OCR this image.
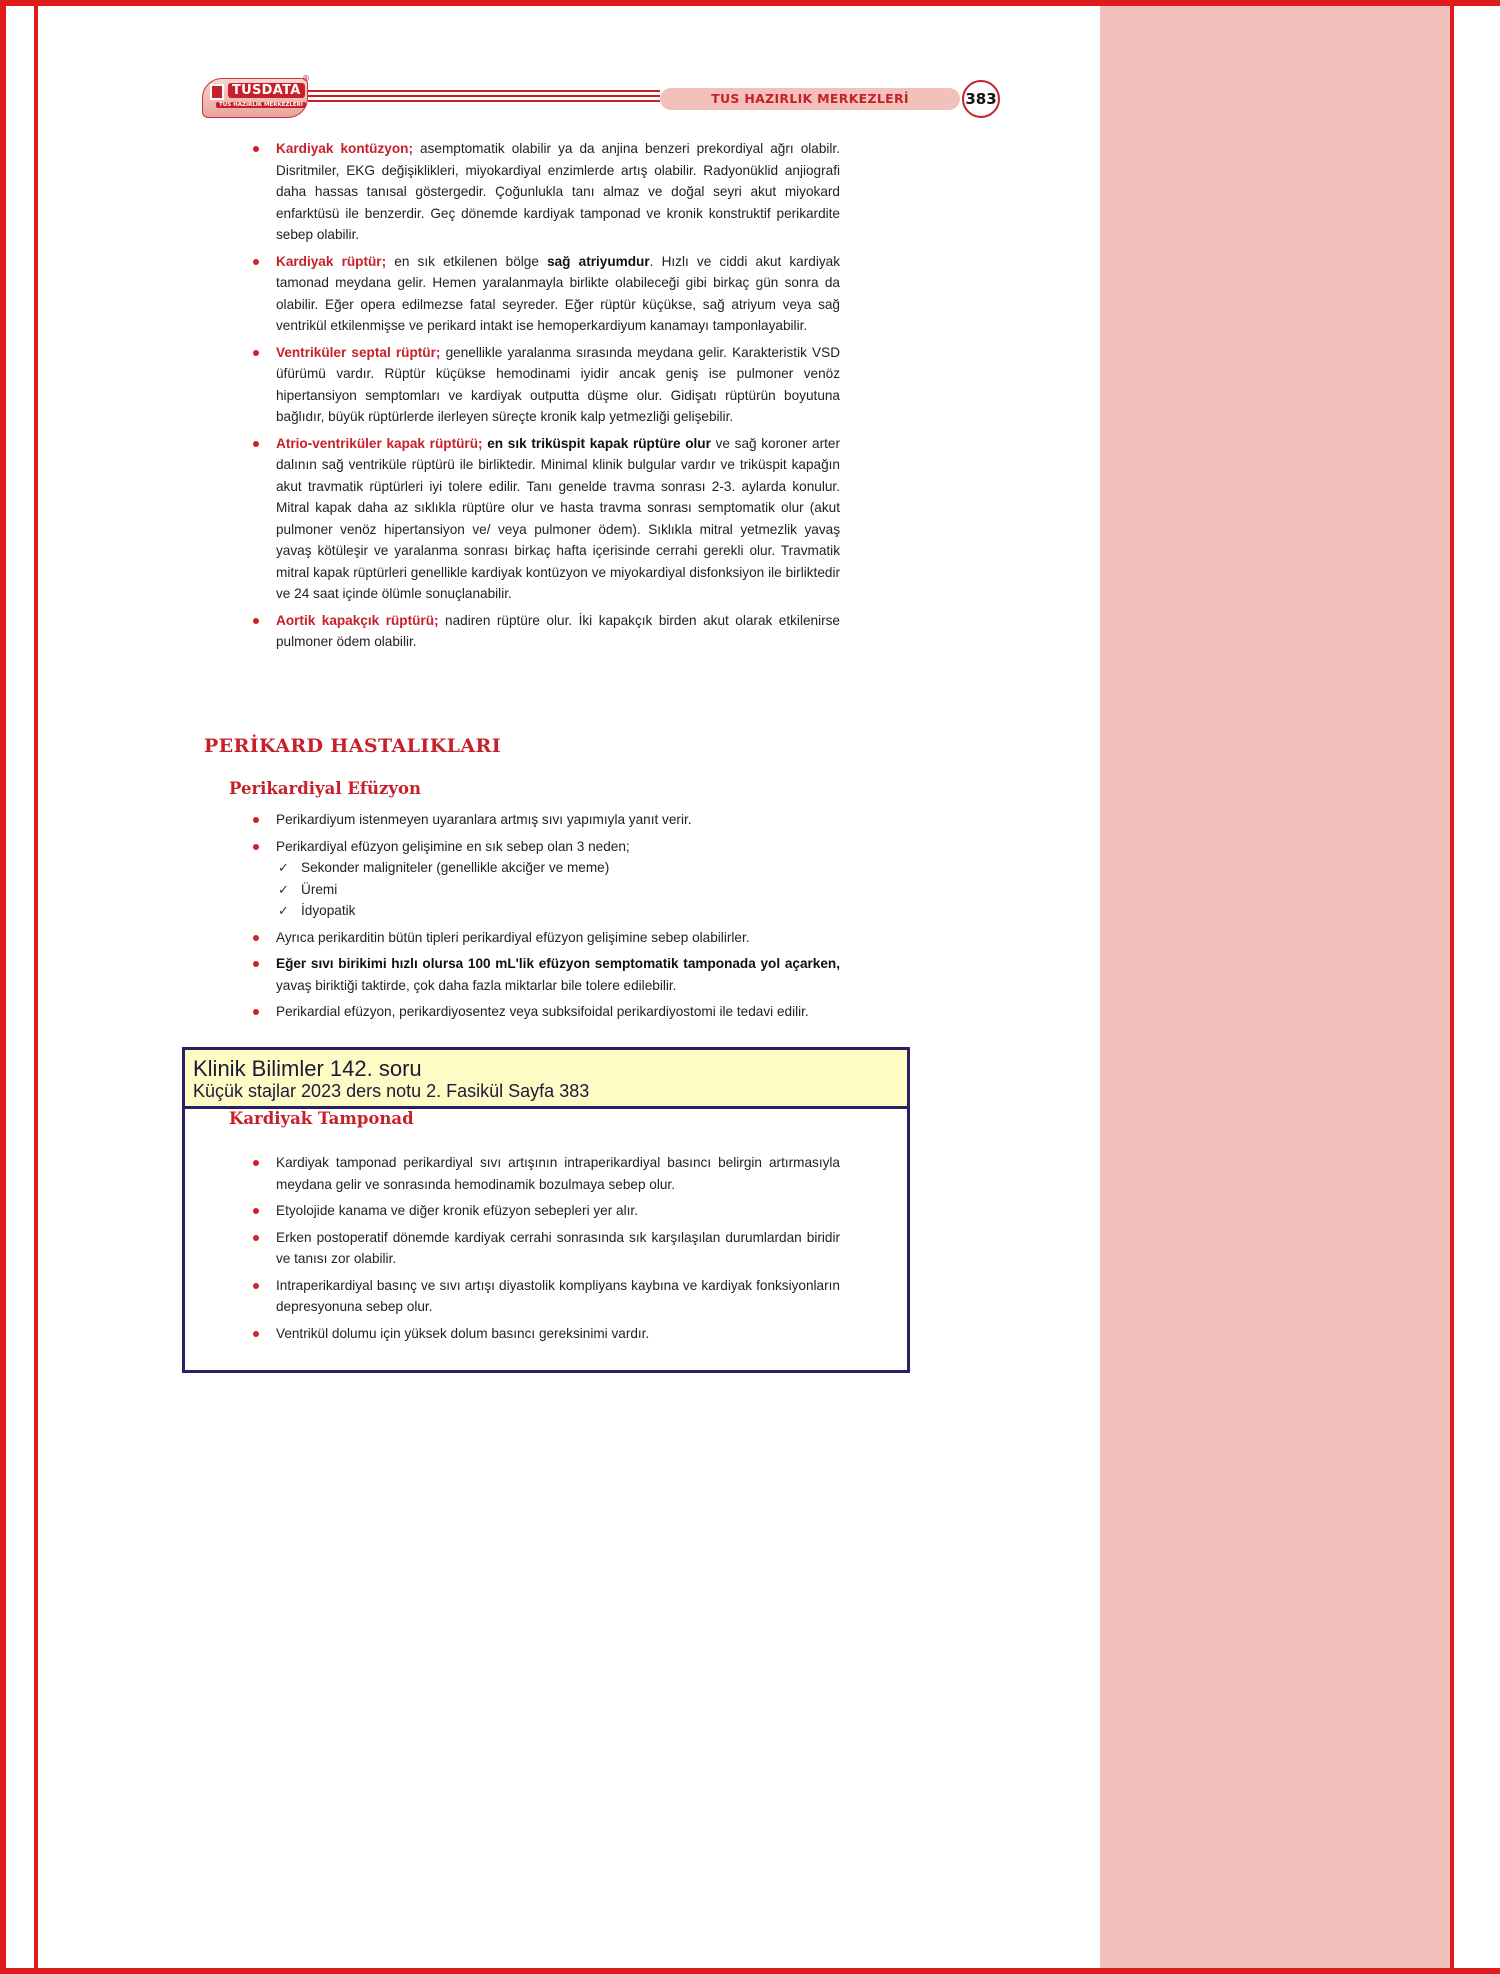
TUSDATA
TUS HAZIRLIK MERKEZLERİ
®
TUS HAZIRLIK MERKEZLERİ	383
Kardiyak kontüzyon; asemptomatik olabilir ya da anjina benzeri prekordiyal ağrı olabilr. Disritmiler, EKG değişiklikleri, miyokardiyal enzimlerde artış olabilir. Radyonüklid anjiografi daha hassas tanısal göstergedir. Çoğunlukla tanı almaz ve doğal seyri akut miyokard enfarktüsü ile benzerdir. Geç dönemde kardiyak tamponad ve kronik konstruktif perikardite sebep olabilir.
Kardiyak rüptür; en sık etkilenen bölge sağ atriyumdur. Hızlı ve ciddi akut kardiyak tamonad meydana gelir. Hemen yaralanmayla birlikte olabileceği gibi birkaç gün sonra da olabilir. Eğer opera edilmezse fatal seyreder. Eğer rüptür küçükse, sağ atriyum veya sağ ventrikül etkilenmişse ve perikard intakt ise hemoperkardiyum kanamayı tamponlayabilir.
Ventriküler septal rüptür; genellikle yaralanma sırasında meydana gelir. Karakteristik VSD üfürümü vardır. Rüptür küçükse hemodinami iyidir ancak geniş ise pulmoner venöz hipertansiyon semptomları ve kardiyak outputta düşme olur. Gidişatı rüptürün boyutuna bağlıdır, büyük rüptürlerde ilerleyen süreçte kronik kalp yetmezliği gelişebilir.
Atrio-ventriküler kapak rüptürü; en sık triküspit kapak rüptüre olur ve sağ koroner arter dalının sağ ventriküle rüptürü ile birliktedir. Minimal klinik bulgular vardır ve triküspit kapağın akut travmatik rüptürleri iyi tolere edilir. Tanı genelde travma sonrası 2-3. aylarda konulur. Mitral kapak daha az sıklıkla rüptüre olur ve hasta travma sonrası semptomatik olur (akut pulmoner venöz hipertansiyon ve/ veya pulmoner ödem). Sıklıkla mitral yetmezlik yavaş yavaş kötüleşir ve yaralanma sonrası birkaç hafta içerisinde cerrahi gerekli olur. Travmatik mitral kapak rüptürleri genellikle kardiyak kontüzyon ve miyokardiyal disfonksiyon ile birliktedir ve 24 saat içinde ölümle sonuçlanabilir.
Aortik kapakçık rüptürü; nadiren rüptüre olur. İki kapakçık birden akut olarak etkilenirse pulmoner ödem olabilir.
PERİKARD HASTALIKLARI
Perikardiyal Efüzyon
Perikardiyum istenmeyen uyaranlara artmış sıvı yapımıyla yanıt verir.
Perikardiyal efüzyon gelişimine en sık sebep olan 3 neden;
✓ Sekonder maligniteler (genellikle akciğer ve meme)
✓ Üremi
✓ İdyopatik
Ayrıca perikarditin bütün tipleri perikardiyal efüzyon gelişimine sebep olabilirler.
Eğer sıvı birikimi hızlı olursa 100 mL'lik efüzyon semptomatik tamponada yol açarken, yavaş biriktiği taktirde, çok daha fazla miktarlar bile tolere edilebilir.
Perikardial efüzyon, perikardiyosentez veya subksifoidal perikardiyostomi ile tedavi edilir.
Klinik Bilimler 142. soru
Küçük stajlar 2023 ders notu 2. Fasikül Sayfa 383
Kardiyak Tamponad
Kardiyak tamponad perikardiyal sıvı artışının intraperikardiyal basıncı belirgin artırmasıyla meydana gelir ve sonrasında hemodinamik bozulmaya sebep olur.
Etyolojide kanama ve diğer kronik efüzyon sebepleri yer alır.
Erken postoperatif dönemde kardiyak cerrahi sonrasında sık karşılaşılan durumlardan biridir ve tanısı zor olabilir.
Intraperikardiyal basınç ve sıvı artışı diyastolik kompliyans kaybına ve kardiyak fonksiyonların depresyonuna sebep olur.
Ventrikül dolumu için yüksek dolum basıncı gereksinimi vardır.
